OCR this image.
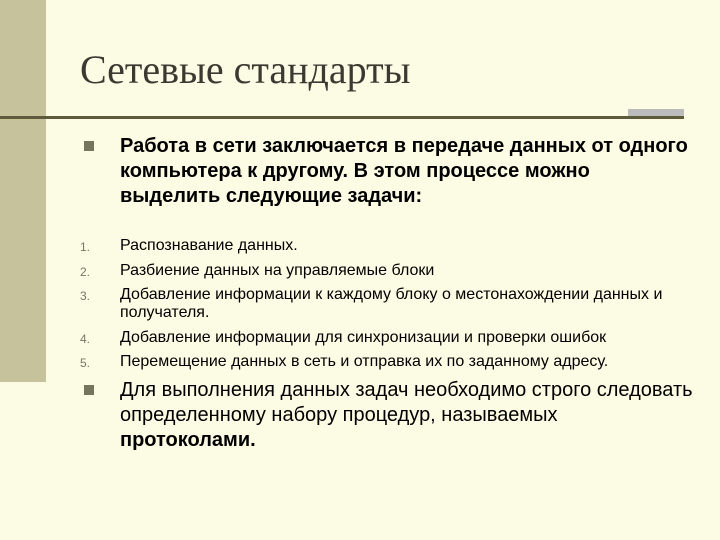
Сетевые стандарты

Работа в сети заключается в передаче данных от одного компьютера к другому. В этом процессе можно выделить следующие задачи:

1. Распознавание данных.

2. Разбиение данных на управляемые блоки

3. Добавление информации к каждому блоку о местонахождении данных и получателя.

4. Добавление информации для синхронизации и проверки ошибок

5. Перемещение данных в сеть и отправка их по заданному адресу.

Для выполнения данных задач необходимо строго следовать определенному набору процедур, называемых протоколами.
